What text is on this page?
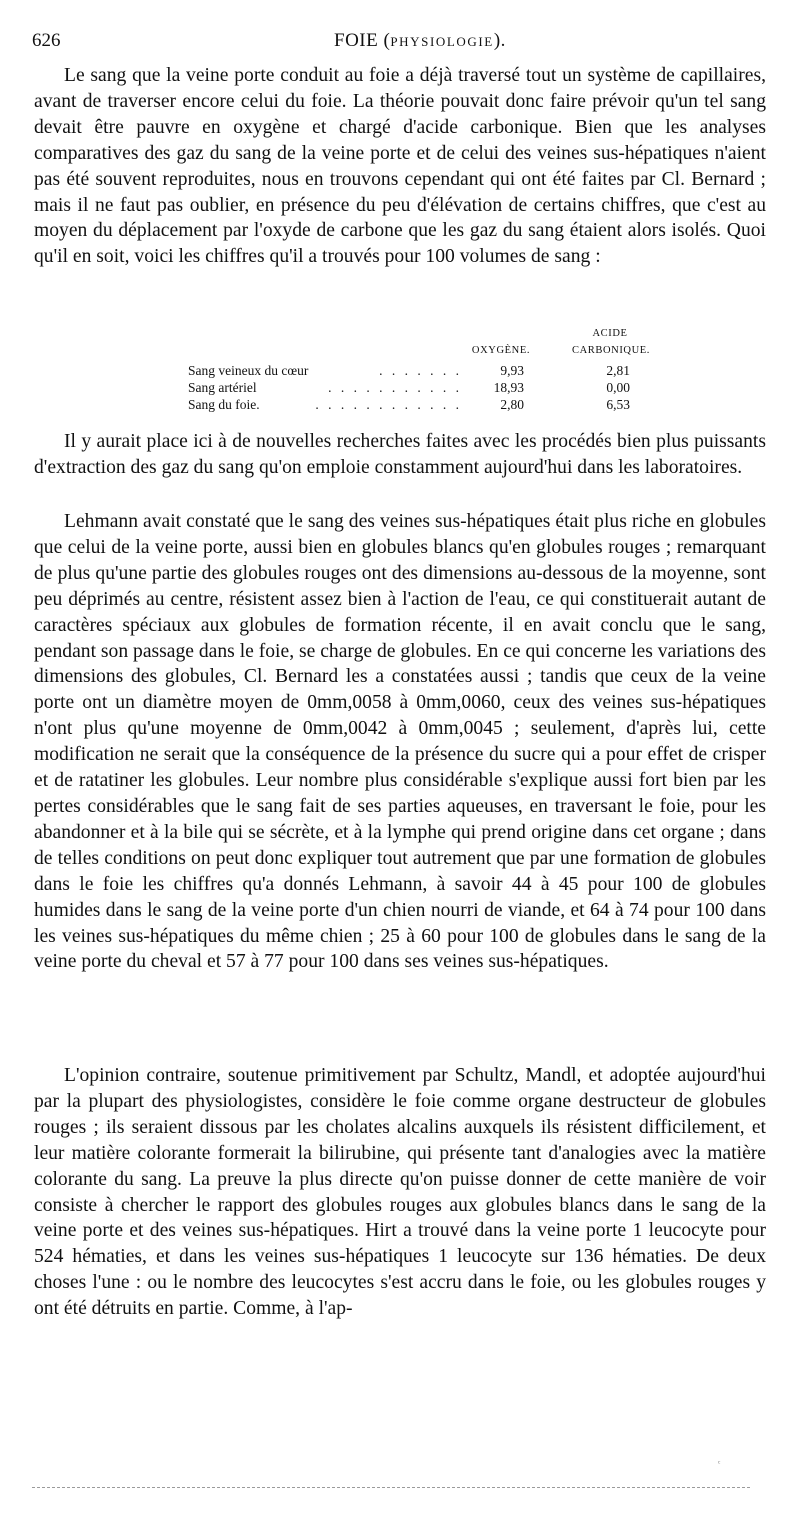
626	FOIE (PHYSIOLOGIE).

Le sang que la veine porte conduit au foie a déjà traversé tout un système de capillaires, avant de traverser encore celui du foie. La théorie pouvait donc faire prévoir qu'un tel sang devait être pauvre en oxygène et chargé d'acide carbonique. Bien que les analyses comparatives des gaz du sang de la veine porte et de celui des veines sus-hépatiques n'aient pas été souvent reproduites, nous en trouvons cependant qui ont été faites par Cl. Bernard ; mais il ne faut pas oublier, en présence du peu d'élévation de certains chiffres, que c'est au moyen du déplacement par l'oxyde de carbone que les gaz du sang étaient alors isolés. Quoi qu'il en soit, voici les chiffres qu'il a trouvés pour 100 volumes de sang :

ACIDE
OXYGÈNE.	CARBONIQUE.
Sang veineux du cœur	. . . . . . .	9,93	2,81
Sang artériel	. . . . . . . . . . .	18,93	0,00
Sang du foie.	. . . . . . . . . . . .	2,80	6,53

Il y aurait place ici à de nouvelles recherches faites avec les procédés bien plus puissants d'extraction des gaz du sang qu'on emploie constamment aujourd'hui dans les laboratoires.

Lehmann avait constaté que le sang des veines sus-hépatiques était plus riche en globules que celui de la veine porte, aussi bien en globules blancs qu'en globules rouges ; remarquant de plus qu'une partie des globules rouges ont des dimensions au-dessous de la moyenne, sont peu déprimés au centre, résistent assez bien à l'action de l'eau, ce qui constituerait autant de caractères spéciaux aux globules de formation récente, il en avait conclu que le sang, pendant son passage dans le foie, se charge de globules. En ce qui concerne les variations des dimensions des globules, Cl. Bernard les a constatées aussi ; tandis que ceux de la veine porte ont un diamètre moyen de 0mm,0058 à 0mm,0060, ceux des veines sus-hépatiques n'ont plus qu'une moyenne de 0mm,0042 à 0mm,0045 ; seulement, d'après lui, cette modification ne serait que la conséquence de la présence du sucre qui a pour effet de crisper et de ratatiner les globules. Leur nombre plus considérable s'explique aussi fort bien par les pertes considérables que le sang fait de ses parties aqueuses, en traversant le foie, pour les abandonner et à la bile qui se sécrète, et à la lymphe qui prend origine dans cet organe ; dans de telles conditions on peut donc expliquer tout autrement que par une formation de globules dans le foie les chiffres qu'a donnés Lehmann, à savoir 44 à 45 pour 100 de globules humides dans le sang de la veine porte d'un chien nourri de viande, et 64 à 74 pour 100 dans les veines sus-hépatiques du même chien ; 25 à 60 pour 100 de globules dans le sang de la veine porte du cheval et 57 à 77 pour 100 dans ses veines sus-hépatiques.

L'opinion contraire, soutenue primitivement par Schultz, Mandl, et adoptée aujourd'hui par la plupart des physiologistes, considère le foie comme organe destructeur de globules rouges ; ils seraient dissous par les cholates alcalins auxquels ils résistent difficilement, et leur matière colorante formerait la bilirubine, qui présente tant d'analogies avec la matière colorante du sang. La preuve la plus directe qu'on puisse donner de cette manière de voir consiste à chercher le rapport des globules rouges aux globules blancs dans le sang de la veine porte et des veines sus-hépatiques. Hirt a trouvé dans la veine porte 1 leucocyte pour 524 hématies, et dans les veines sus-hépatiques 1 leucocyte sur 136 hématies. De deux choses l'une : ou le nombre des leucocytes s'est accru dans le foie, ou les globules rouges y ont été détruits en partie. Comme, à l'ap-

ᶜ
